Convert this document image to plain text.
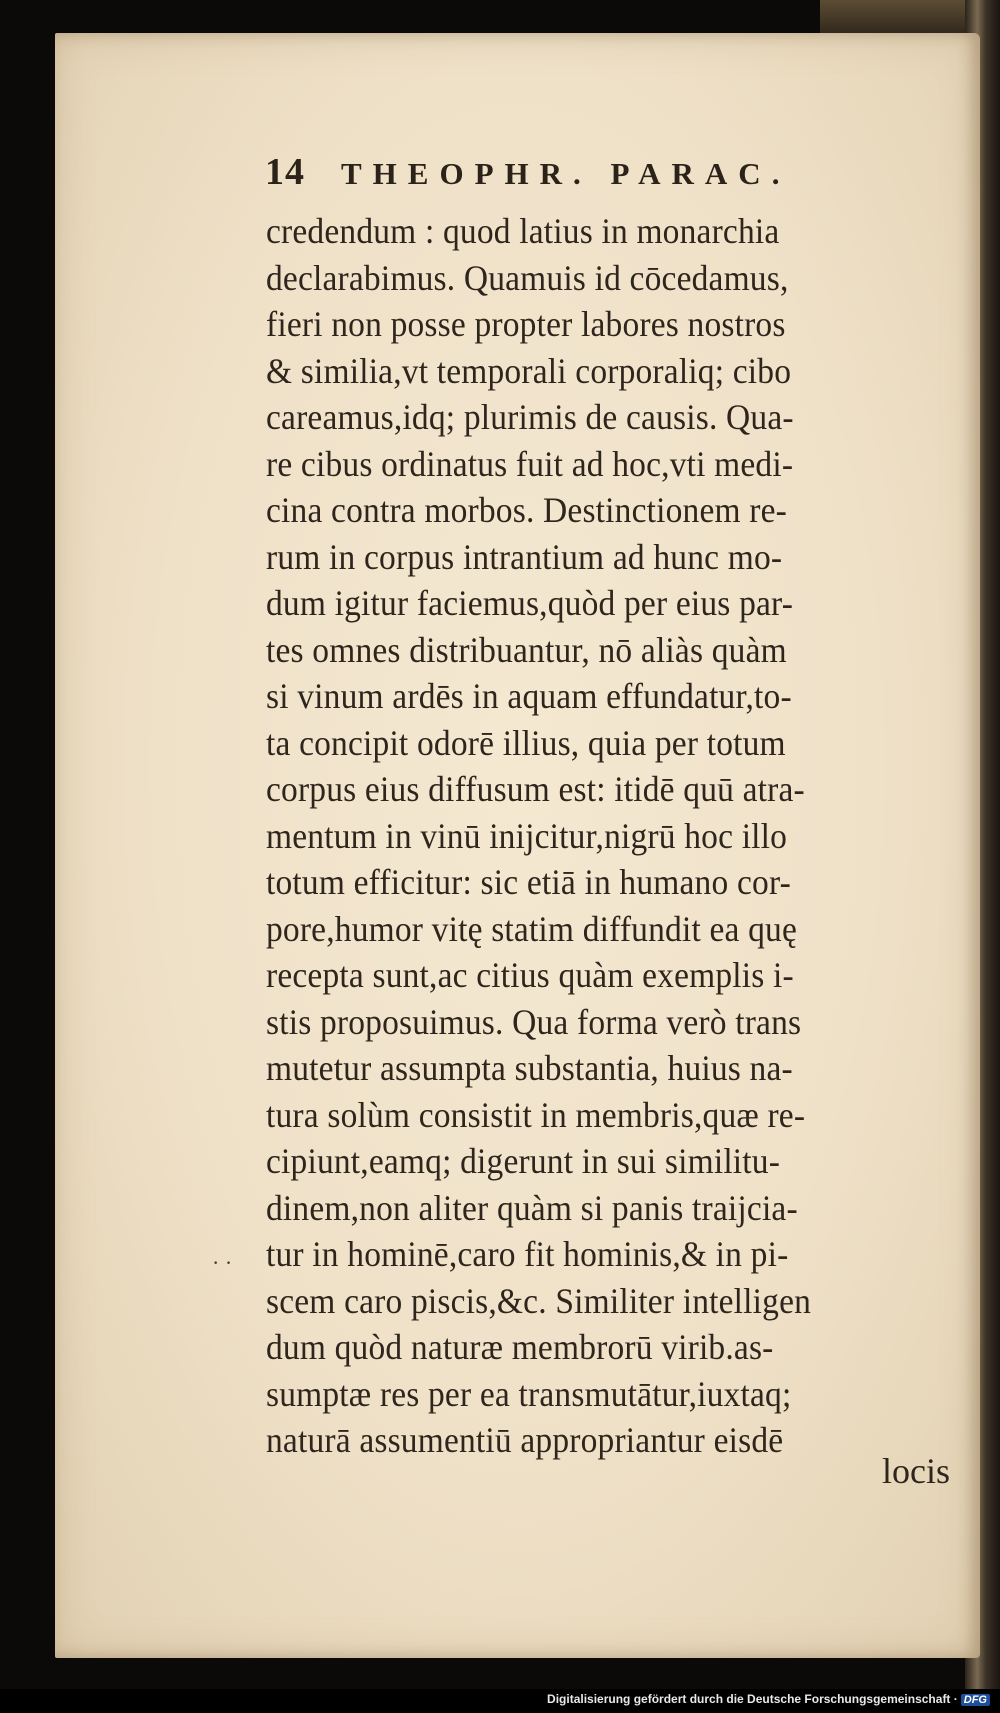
14 THEOPHR. PARAC.
credendum : quod latius in monarchia
declarabimus. Quamuis id cōcedamus,
fieri non posse propter labores nostros
& similia,vt temporali corporaliq; cibo
careamus,idq; plurimis de causis. Qua-
re cibus ordinatus fuit ad hoc,vti medi-
cina contra morbos. Destinctionem re-
rum in corpus intrantium ad hunc mo-
dum igitur faciemus,quòd per eius par-
tes omnes distribuantur, nō aliàs quàm
si vinum ardēs in aquam effundatur,to-
ta concipit odorē illius, quia per totum
corpus eius diffusum est: itidē quū atra-
mentum in vinū inijcitur,nigrū hoc illo
totum efficitur: sic etiā in humano cor-
pore,humor vitę statim diffundit ea quę
recepta sunt,ac citius quàm exemplis i-
stis proposuimus. Qua forma verò trans
mutetur assumpta substantia, huius na-
tura solùm consistit in membris,quæ re-
cipiunt,eamq; digerunt in sui similitu-
dinem,non aliter quàm si panis traijcia-
tur in hominē,caro fit hominis,& in pi-
scem caro piscis,&c. Similiter intelligen
dum quòd naturæ membrorū virib.as-
sumptæ res per ea transmutātur,iuxtaq;
naturā assumentiū appropriantur eisdē
· ·
locis
Digitalisierung gefördert durch die Deutsche Forschungsgemeinschaft · DFG
